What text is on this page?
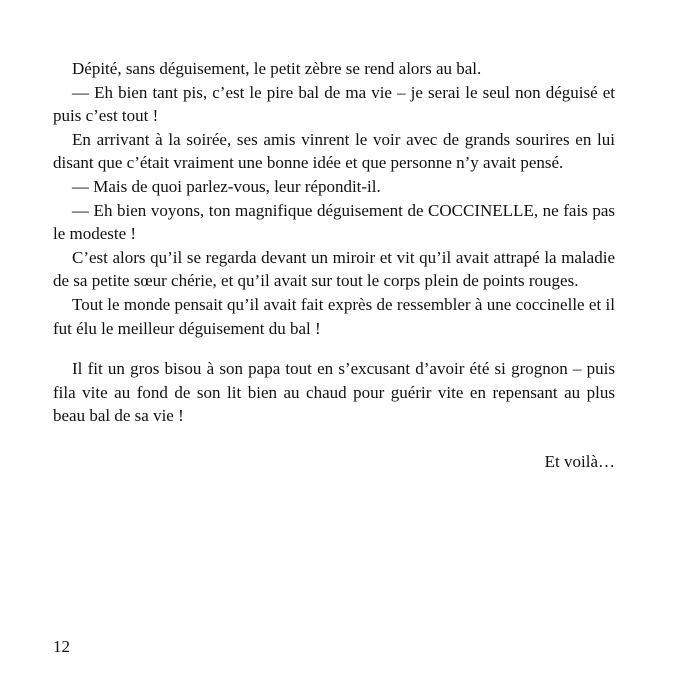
Dépité, sans déguisement, le petit zèbre se rend alors au bal.

— Eh bien tant pis, c’est le pire bal de ma vie – je serai le seul non déguisé et puis c’est tout !

En arrivant à la soirée, ses amis vinrent le voir avec de grands sourires en lui disant que c’était vraiment une bonne idée et que personne n’y avait pensé.

— Mais de quoi parlez-vous, leur répondit-il.

— Eh bien voyons, ton magnifique déguisement de COCCINELLE, ne fais pas le modeste !

C’est alors qu’il se regarda devant un miroir et vit qu’il avait attrapé la maladie de sa petite sœur chérie, et qu’il avait sur tout le corps plein de points rouges.

Tout le monde pensait qu’il avait fait exprès de ressembler à une coccinelle et il fut élu le meilleur déguisement du bal !

Il fit un gros bisou à son papa tout en s’excusant d’avoir été si grognon – puis fila vite au fond de son lit bien au chaud pour guérir vite en repensant au plus beau bal de sa vie !

Et voilà…

12
